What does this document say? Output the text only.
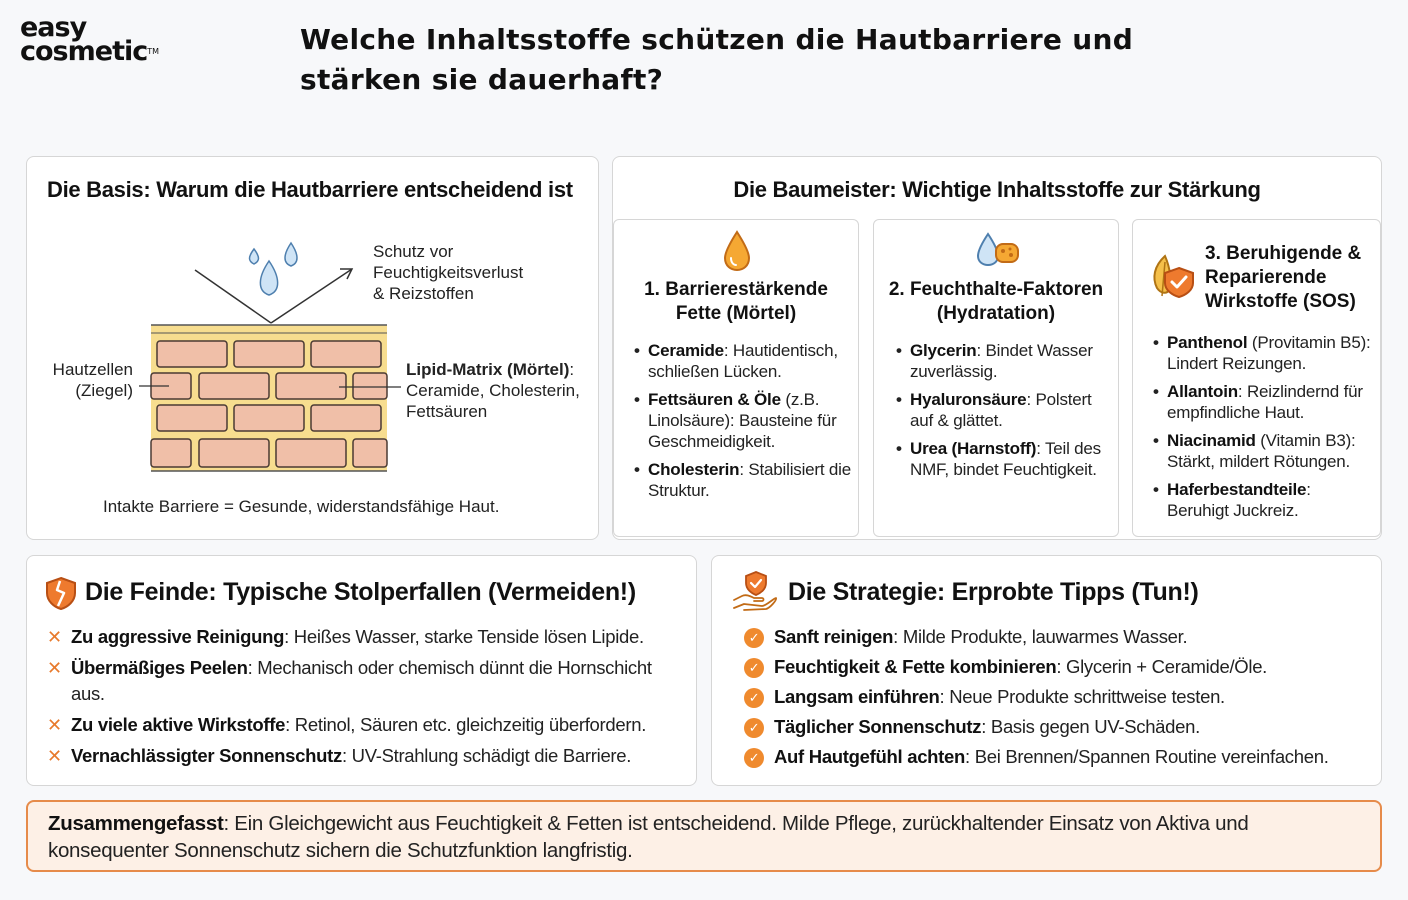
easy
cosmetic™	Welche Inhaltsstoffe schützen die Hautbarriere und stärken sie dauerhaft?
Die Basis: Warum die Hautbarriere entscheidend ist
Schutz vor
Feuchtigkeitsverlust
& Reizstoffen
Hautzellen
(Ziegel)
Lipid-Matrix (Mörtel):
Ceramide, Cholesterin,
Fettsäuren
Intakte Barriere = Gesunde, widerstandsfähige Haut.
Die Baumeister: Wichtige Inhaltsstoffe zur Stärkung
1. Barrierestärkende
Fette (Mörtel)
• Ceramide: Hautidentisch, schließen Lücken.
• Fettsäuren & Öle (z.B. Linolsäure): Bausteine für Geschmeidigkeit.
• Cholesterin: Stabilisiert die Struktur.
2. Feuchthalte-Faktoren
(Hydratation)
• Glycerin: Bindet Wasser zuverlässig.
• Hyaluronsäure: Polstert auf & glättet.
• Urea (Harnstoff): Teil des NMF, bindet Feuchtigkeit.
3. Beruhigende &
Reparierende
Wirkstoffe (SOS)
• Panthenol (Provitamin B5): Lindert Reizungen.
• Allantoin: Reizlindernd für empfindliche Haut.
• Niacinamid (Vitamin B3): Stärkt, mildert Rötungen.
• Haferbestandteile: Beruhigt Juckreiz.
Die Feinde: Typische Stolperfallen (Vermeiden!)
✕ Zu aggressive Reinigung: Heißes Wasser, starke Tenside lösen Lipide.
✕ Übermäßiges Peelen: Mechanisch oder chemisch dünnt die Hornschicht aus.
✕ Zu viele aktive Wirkstoffe: Retinol, Säuren etc. gleichzeitig überfordern.
✕ Vernachlässigter Sonnenschutz: UV-Strahlung schädigt die Barriere.
Die Strategie: Erprobte Tipps (Tun!)
✓ Sanft reinigen: Milde Produkte, lauwarmes Wasser.
✓ Feuchtigkeit & Fette kombinieren: Glycerin + Ceramide/Öle.
✓ Langsam einführen: Neue Produkte schrittweise testen.
✓ Täglicher Sonnenschutz: Basis gegen UV-Schäden.
✓ Auf Hautgefühl achten: Bei Brennen/Spannen Routine vereinfachen.
Zusammengefasst: Ein Gleichgewicht aus Feuchtigkeit & Fetten ist entscheidend. Milde Pflege, zurückhaltender Einsatz von Aktiva und konsequenter Sonnenschutz sichern die Schutzfunktion langfristig.
